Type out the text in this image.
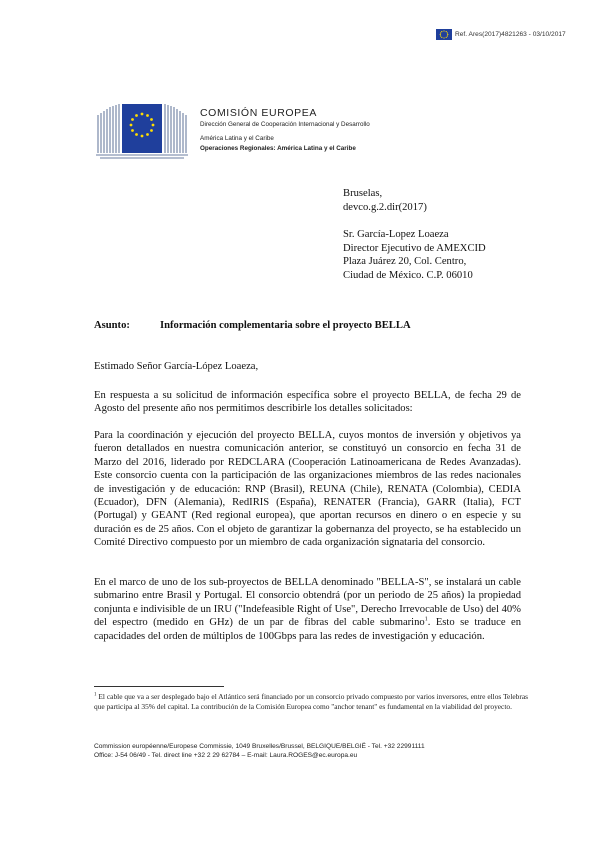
Ref. Ares(2017)4821263 - 03/10/2017
COMISIÓN EUROPEA
Dirección General de Cooperación Internacional y Desarrollo
América Latina y el Caribe
Operaciones Regionales: América Latina y el Caribe
Bruselas,
devco.g.2.dir(2017)
Sr. García-Lopez Loaeza
Director Ejecutivo de AMEXCID
Plaza Juárez 20, Col. Centro,
Ciudad de México. C.P. 06010
Asunto:	Información complementaria sobre el proyecto BELLA
Estimado Señor García-López Loaeza,
En respuesta a su solicitud de información específica sobre el proyecto BELLA, de fecha 29 de Agosto del presente año nos permitimos describirle los detalles solicitados:
Para la coordinación y ejecución del proyecto BELLA, cuyos montos de inversión y objetivos ya fueron detallados en nuestra comunicación anterior, se constituyó un consorcio en fecha 31 de Marzo del 2016, liderado por REDCLARA (Cooperación Latinoamericana de Redes Avanzadas). Este consorcio cuenta con la participación de las organizaciones miembros de las redes nacionales de investigación y de educación: RNP (Brasil), REUNA (Chile), RENATA (Colombia), CEDIA (Ecuador), DFN (Alemania), RedIRIS (España), RENATER (Francia), GARR (Italia), FCT (Portugal) y GEANT (Red regional europea), que aportan recursos en dinero o en especie y su duración es de 25 años. Con el objeto de garantizar la gobernanza del proyecto, se ha establecido un Comité Directivo compuesto por un miembro de cada organización signataria del consorcio.
En el marco de uno de los sub-proyectos de BELLA denominado "BELLA-S", se instalará un cable submarino entre Brasil y Portugal. El consorcio obtendrá (por un periodo de 25 años) la propiedad conjunta e indivisible de un IRU ("Indefeasible Right of Use", Derecho Irrevocable de Uso) del 40% del espectro (medido en GHz) de un par de fibras del cable submarino$^1$. Esto se traduce en capacidades del orden de múltiplos de 100Gbps para las redes de investigación y educación.
$^1$ El cable que va a ser desplegado bajo el Atlántico será financiado por un consorcio privado compuesto por varios inversores, entre ellos Telebras que participa al 35% del capital. La contribución de la Comisión Europea como "anchor tenant" es fundamental en la viabilidad del proyecto.
Commission européenne/Europese Commissie, 1049 Bruxelles/Brussel, BELGIQUE/BELGIË - Tel. +32 22991111
Office: J-54 06/49 - Tel. direct line +32 2 29 62784 – E-mail: Laura.ROGES@ec.europa.eu
